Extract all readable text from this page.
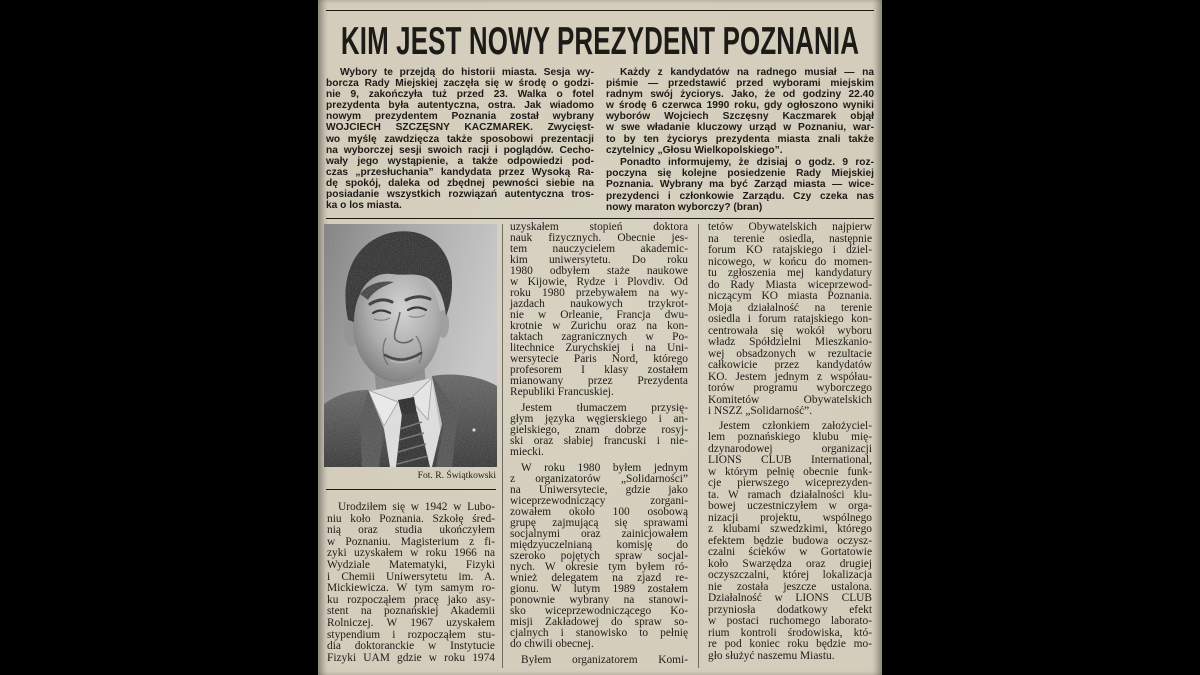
KIM JEST NOWY PREZYDENT POZNANIA
Wybory te przejdą do historii miasta. Sesja wy-
borcza Rady Miejskiej zaczęła się w środę o godzi-
nie 9, zakończyła tuż przed 23. Walka o fotel
prezydenta była autentyczna, ostra. Jak wiadomo
nowym prezydentem Poznania został wybrany
WOJCIECH SZCZĘSNY KACZMAREK. Zwycięst-
wo myślę zawdzięcza także sposobowi prezentacji
na wyborczej sesji swoich racji i poglądów. Cecho-
wały jego wystąpienie, a także odpowiedzi pod-
czas „przesłuchania” kandydata przez Wysoką Ra-
dę spokój, daleka od zbędnej pewności siebie na
posiadanie wszystkich rozwiązań autentyczna tros-
ka o los miasta.
Każdy z kandydatów na radnego musiał — na
piśmie — przedstawić przed wyborami miejskim
radnym swój życiorys. Jako, że od godziny 22.40
w środę 6 czerwca 1990 roku, gdy ogłoszono wyniki
wyborów Wojciech Szczęsny Kaczmarek objął
w swe władanie kluczowy urząd w Poznaniu, war-
to by ten życiorys prezydenta miasta znali także
czytelnicy „Głosu Wielkopolskiego”.
Ponadto informujemy, że dzisiaj o godz. 9 roz-
poczyna się kolejne posiedzenie Rady Miejskiej
Poznania. Wybrany ma być Zarząd miasta — wice-
prezydenci i członkowie Zarządu. Czy czeka nas
nowy maraton wyborczy? (bran)
Fot. R. Świątkowski
Urodziłem się w 1942 w Lubo-
niu koło Poznania. Szkołę śred-
nią oraz studia ukończyłem
w Poznaniu. Magisterium z fi-
zyki uzyskałem w roku 1966 na
Wydziale Matematyki, Fizyki
i Chemii Uniwersytetu im. A.
Mickiewicza. W tym samym ro-
ku rozpocząłem pracę jako asy-
stent na poznańskiej Akademii
Rolniczej. W 1967 uzyskałem
stypendium i rozpocząłem stu-
dia doktoranckie w Instytucie
Fizyki UAM gdzie w roku 1974
uzyskałem stopień doktora
nauk fizycznych. Obecnie jes-
tem nauczycielem akademic-
kim uniwersytetu. Do roku
1980 odbyłem staże naukowe
w Kijowie, Rydze i Plovdiv. Od
roku 1980 przebywałem na wy-
jazdach naukowych trzykrot-
nie w Orleanie, Francja dwu-
krotnie w Zurichu oraz na kon-
taktach zagranicznych w Po-
litechnice Zurychskiej i na Uni-
wersytecie Paris Nord, którego
profesorem I klasy zostałem
mianowany przez Prezydenta
Republiki Francuskiej.
Jestem tłumaczem przysię-
głym języka węgierskiego i an-
gielskiego, znam dobrze rosyj-
ski oraz słabiej francuski i nie-
miecki.
W roku 1980 byłem jednym
z organizatorów „Solidarności”
na Uniwersytecie, gdzie jako
wiceprzewodniczący zorgani-
zowałem około 100 osobową
grupę zajmującą się sprawami
socjalnymi oraz zainicjowałem
międzyuczelnianą komisję do
szeroko pojętych spraw socjal-
nych. W okresie tym byłem ró-
wnież delegatem na zjazd re-
gionu. W lutym 1989 zostałem
ponownie wybrany na stanowi-
sko wiceprzewodniczącego Ko-
misji Zakładowej do spraw so-
cjalnych i stanowisko to pełnię
do chwili obecnej.
Byłem organizatorem Komi-
tetów Obywatelskich najpierw
na terenie osiedla, następnie
forum KO ratajskiego i dziel-
nicowego, w końcu do momen-
tu zgłoszenia mej kandydatury
do Rady Miasta wiceprzewod-
niczącym KO miasta Poznania.
Moja działalność na terenie
osiedla i forum ratajskiego kon-
centrowała się wokół wyboru
władz Spółdzielni Mieszkanio-
wej obsadzonych w rezultacie
całkowicie przez kandydatów
KO. Jestem jednym z współau-
torów programu wyborczego
Komitetów Obywatelskich
i NSZZ „Solidarność”.
Jestem członkiem założyciel-
lem poznańskiego klubu mię-
dzynarodowej organizacji
LIONS CLUB International,
w którym pełnię obecnie funk-
cje pierwszego wiceprezyden-
ta. W ramach działalności klu-
bowej uczestniczyłem w orga-
nizacji projektu, wspólnego
z klubami szwedzkimi, którego
efektem będzie budowa oczysz-
czalni ścieków w Gortatowie
koło Swarzędza oraz drugiej
oczyszczalni, której lokalizacja
nie została jeszcze ustalona.
Działalność w LIONS CLUB
przyniosła dodatkowy efekt
w postaci ruchomego laborato-
rium kontroli środowiska, któ-
re pod koniec roku będzie mo-
gło służyć naszemu Miastu.
